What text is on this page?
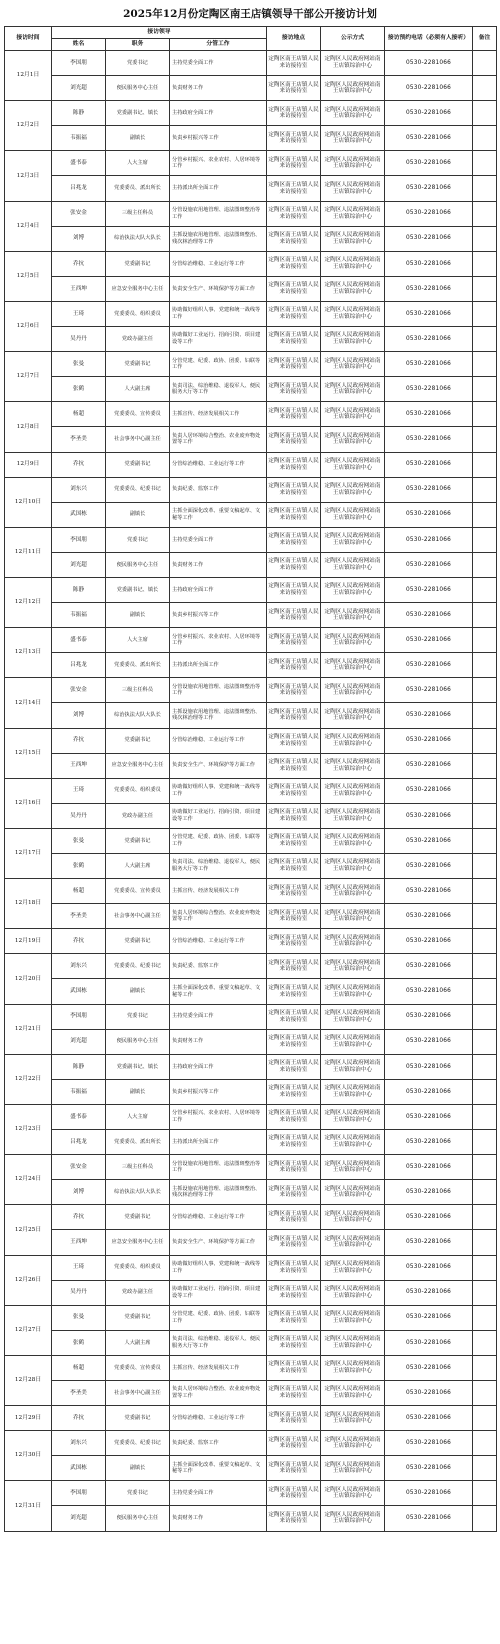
2025年12月份定陶区南王店镇领导干部公开接访计划
接访时间	接访领导			接访地点	公示方式	接访预约电话（必须有人接听）	备注
	姓名	职务	分管工作				
12月1日	李国朋	党委书记	主持党委全面工作	定陶区南王店镇人民来访接待室	定陶区人民政府网站南王店镇综治中心	0530-2281066	
	刘光超	便民服务中心主任	负责财务工作	定陶区南王店镇人民来访接待室	定陶区人民政府网站南王店镇综治中心	0530-2281066	
12月2日	陈静	党委副书记、镇长	主持政府全面工作	定陶区南王店镇人民来访接待室	定陶区人民政府网站南王店镇综治中心	0530-2281066	
	韦振福	副镇长	负责乡村振兴等工作	定陶区南王店镇人民来访接待室	定陶区人民政府网站南王店镇综治中心	0530-2281066	
12月3日	盛书泰	人大主席	分管乡村振兴、农业农村、人居环境等工作	定陶区南王店镇人民来访接待室	定陶区人民政府网站南王店镇综治中心	0530-2281066	
	吕兆龙	党委委员、派出所长	主持派出所全面工作	定陶区南王店镇人民来访接待室	定陶区人民政府网站南王店镇综治中心	0530-2281066	
12月4日	张安金	三级主任科员	分管设施农用地管理、违法图斑整治等工作	定陶区南王店镇人民来访接待室	定陶区人民政府网站南王店镇综治中心	0530-2281066	
	刘博	综治执法大队大队长	主抓设施农用地管理、违法图斑整治、残次林治理等工作	定陶区南王店镇人民来访接待室	定陶区人民政府网站南王店镇综治中心	0530-2281066	
12月5日	乔抗	党委副书记	分管综治维稳、工业运行等工作	定陶区南王店镇人民来访接待室	定陶区人民政府网站南王店镇综治中心	0530-2281066	
	王西坤	应急安全服务中心主任	负责安全生产、环境保护等方面工作	定陶区南王店镇人民来访接待室	定陶区人民政府网站南王店镇综治中心	0530-2281066	
12月6日	王琦	党委委员、组织委员	协助做好组织人事、党建和统一战线等工作	定陶区南王店镇人民来访接待室	定陶区人民政府网站南王店镇综治中心	0530-2281066	
	吴丹丹	党政办副主任	协助做好工业运行、招商引资、项目建设等工作	定陶区南王店镇人民来访接待室	定陶区人民政府网站南王店镇综治中心	0530-2281066	
12月7日	张曼	党委副书记	分管党建、纪委、政协、团委、妇联等工作	定陶区南王店镇人民来访接待室	定陶区人民政府网站南王店镇综治中心	0530-2281066	
	张鹤	人大副主席	负责司法、综治维稳、退役军人、便民服务大厅等工作	定陶区南王店镇人民来访接待室	定陶区人民政府网站南王店镇综治中心	0530-2281066	
12月8日	杨超	党委委员、宣传委员	主抓宣传、经济发展相关工作	定陶区南王店镇人民来访接待室	定陶区人民政府网站南王店镇综治中心	0530-2281066	
	李圣美	社会事务中心副主任	负责人居环境综合整治、农业废弃物处置等工作	定陶区南王店镇人民来访接待室	定陶区人民政府网站南王店镇综治中心	0530-2281066	
12月9日	乔抗	党委副书记	分管综治维稳、工业运行等工作	定陶区南王店镇人民来访接待室	定陶区人民政府网站南王店镇综治中心	0530-2281066	
12月10日	刘东兴	党委委员、纪委书记	负责纪委、监察工作	定陶区南王店镇人民来访接待室	定陶区人民政府网站南王店镇综治中心	0530-2281066	
	武国栋	副镇长	主抓全面深化改革、重要文稿起草、文秘等工作	定陶区南王店镇人民来访接待室	定陶区人民政府网站南王店镇综治中心	0530-2281066	
12月11日	李国朋	党委书记	主持党委全面工作	定陶区南王店镇人民来访接待室	定陶区人民政府网站南王店镇综治中心	0530-2281066	
	刘光超	便民服务中心主任	负责财务工作	定陶区南王店镇人民来访接待室	定陶区人民政府网站南王店镇综治中心	0530-2281066	
12月12日	陈静	党委副书记、镇长	主持政府全面工作	定陶区南王店镇人民来访接待室	定陶区人民政府网站南王店镇综治中心	0530-2281066	
	韦振福	副镇长	负责乡村振兴等工作	定陶区南王店镇人民来访接待室	定陶区人民政府网站南王店镇综治中心	0530-2281066	
12月13日	盛书泰	人大主席	分管乡村振兴、农业农村、人居环境等工作	定陶区南王店镇人民来访接待室	定陶区人民政府网站南王店镇综治中心	0530-2281066	
	吕兆龙	党委委员、派出所长	主持派出所全面工作	定陶区南王店镇人民来访接待室	定陶区人民政府网站南王店镇综治中心	0530-2281066	
12月14日	张安金	三级主任科员	分管设施农用地管理、违法图斑整治等工作	定陶区南王店镇人民来访接待室	定陶区人民政府网站南王店镇综治中心	0530-2281066	
	刘博	综治执法大队大队长	主抓设施农用地管理、违法图斑整治、残次林治理等工作	定陶区南王店镇人民来访接待室	定陶区人民政府网站南王店镇综治中心	0530-2281066	
12月15日	乔抗	党委副书记	分管综治维稳、工业运行等工作	定陶区南王店镇人民来访接待室	定陶区人民政府网站南王店镇综治中心	0530-2281066	
	王西坤	应急安全服务中心主任	负责安全生产、环境保护等方面工作	定陶区南王店镇人民来访接待室	定陶区人民政府网站南王店镇综治中心	0530-2281066	
12月16日	王琦	党委委员、组织委员	协助做好组织人事、党建和统一战线等工作	定陶区南王店镇人民来访接待室	定陶区人民政府网站南王店镇综治中心	0530-2281066	
	吴丹丹	党政办副主任	协助做好工业运行、招商引资、项目建设等工作	定陶区南王店镇人民来访接待室	定陶区人民政府网站南王店镇综治中心	0530-2281066	
12月17日	张曼	党委副书记	分管党建、纪委、政协、团委、妇联等工作	定陶区南王店镇人民来访接待室	定陶区人民政府网站南王店镇综治中心	0530-2281066	
	张鹤	人大副主席	负责司法、综治维稳、退役军人、便民服务大厅等工作	定陶区南王店镇人民来访接待室	定陶区人民政府网站南王店镇综治中心	0530-2281066	
12月18日	杨超	党委委员、宣传委员	主抓宣传、经济发展相关工作	定陶区南王店镇人民来访接待室	定陶区人民政府网站南王店镇综治中心	0530-2281066	
	李圣美	社会事务中心副主任	负责人居环境综合整治、农业废弃物处置等工作	定陶区南王店镇人民来访接待室	定陶区人民政府网站南王店镇综治中心	0530-2281066	
12月19日	乔抗	党委副书记	分管综治维稳、工业运行等工作	定陶区南王店镇人民来访接待室	定陶区人民政府网站南王店镇综治中心	0530-2281066	
12月20日	刘东兴	党委委员、纪委书记	负责纪委、监察工作	定陶区南王店镇人民来访接待室	定陶区人民政府网站南王店镇综治中心	0530-2281066	
	武国栋	副镇长	主抓全面深化改革、重要文稿起草、文秘等工作	定陶区南王店镇人民来访接待室	定陶区人民政府网站南王店镇综治中心	0530-2281066	
12月21日	李国朋	党委书记	主持党委全面工作	定陶区南王店镇人民来访接待室	定陶区人民政府网站南王店镇综治中心	0530-2281066	
	刘光超	便民服务中心主任	负责财务工作	定陶区南王店镇人民来访接待室	定陶区人民政府网站南王店镇综治中心	0530-2281066	
12月22日	陈静	党委副书记、镇长	主持政府全面工作	定陶区南王店镇人民来访接待室	定陶区人民政府网站南王店镇综治中心	0530-2281066	
	韦振福	副镇长	负责乡村振兴等工作	定陶区南王店镇人民来访接待室	定陶区人民政府网站南王店镇综治中心	0530-2281066	
12月23日	盛书泰	人大主席	分管乡村振兴、农业农村、人居环境等工作	定陶区南王店镇人民来访接待室	定陶区人民政府网站南王店镇综治中心	0530-2281066	
	吕兆龙	党委委员、派出所长	主持派出所全面工作	定陶区南王店镇人民来访接待室	定陶区人民政府网站南王店镇综治中心	0530-2281066	
12月24日	张安金	三级主任科员	分管设施农用地管理、违法图斑整治等工作	定陶区南王店镇人民来访接待室	定陶区人民政府网站南王店镇综治中心	0530-2281066	
	刘博	综治执法大队大队长	主抓设施农用地管理、违法图斑整治、残次林治理等工作	定陶区南王店镇人民来访接待室	定陶区人民政府网站南王店镇综治中心	0530-2281066	
12月25日	乔抗	党委副书记	分管综治维稳、工业运行等工作	定陶区南王店镇人民来访接待室	定陶区人民政府网站南王店镇综治中心	0530-2281066	
	王西坤	应急安全服务中心主任	负责安全生产、环境保护等方面工作	定陶区南王店镇人民来访接待室	定陶区人民政府网站南王店镇综治中心	0530-2281066	
12月26日	王琦	党委委员、组织委员	协助做好组织人事、党建和统一战线等工作	定陶区南王店镇人民来访接待室	定陶区人民政府网站南王店镇综治中心	0530-2281066	
	吴丹丹	党政办副主任	协助做好工业运行、招商引资、项目建设等工作	定陶区南王店镇人民来访接待室	定陶区人民政府网站南王店镇综治中心	0530-2281066	
12月27日	张曼	党委副书记	分管党建、纪委、政协、团委、妇联等工作	定陶区南王店镇人民来访接待室	定陶区人民政府网站南王店镇综治中心	0530-2281066	
	张鹤	人大副主席	负责司法、综治维稳、退役军人、便民服务大厅等工作	定陶区南王店镇人民来访接待室	定陶区人民政府网站南王店镇综治中心	0530-2281066	
12月28日	杨超	党委委员、宣传委员	主抓宣传、经济发展相关工作	定陶区南王店镇人民来访接待室	定陶区人民政府网站南王店镇综治中心	0530-2281066	
	李圣美	社会事务中心副主任	负责人居环境综合整治、农业废弃物处置等工作	定陶区南王店镇人民来访接待室	定陶区人民政府网站南王店镇综治中心	0530-2281066	
12月29日	乔抗	党委副书记	分管综治维稳、工业运行等工作	定陶区南王店镇人民来访接待室	定陶区人民政府网站南王店镇综治中心	0530-2281066	
12月30日	刘东兴	党委委员、纪委书记	负责纪委、监察工作	定陶区南王店镇人民来访接待室	定陶区人民政府网站南王店镇综治中心	0530-2281066	
	武国栋	副镇长	主抓全面深化改革、重要文稿起草、文秘等工作	定陶区南王店镇人民来访接待室	定陶区人民政府网站南王店镇综治中心	0530-2281066	
12月31日	李国朋	党委书记	主持党委全面工作	定陶区南王店镇人民来访接待室	定陶区人民政府网站南王店镇综治中心	0530-2281066	
	刘光超	便民服务中心主任	负责财务工作	定陶区南王店镇人民来访接待室	定陶区人民政府网站南王店镇综治中心	0530-2281066	
